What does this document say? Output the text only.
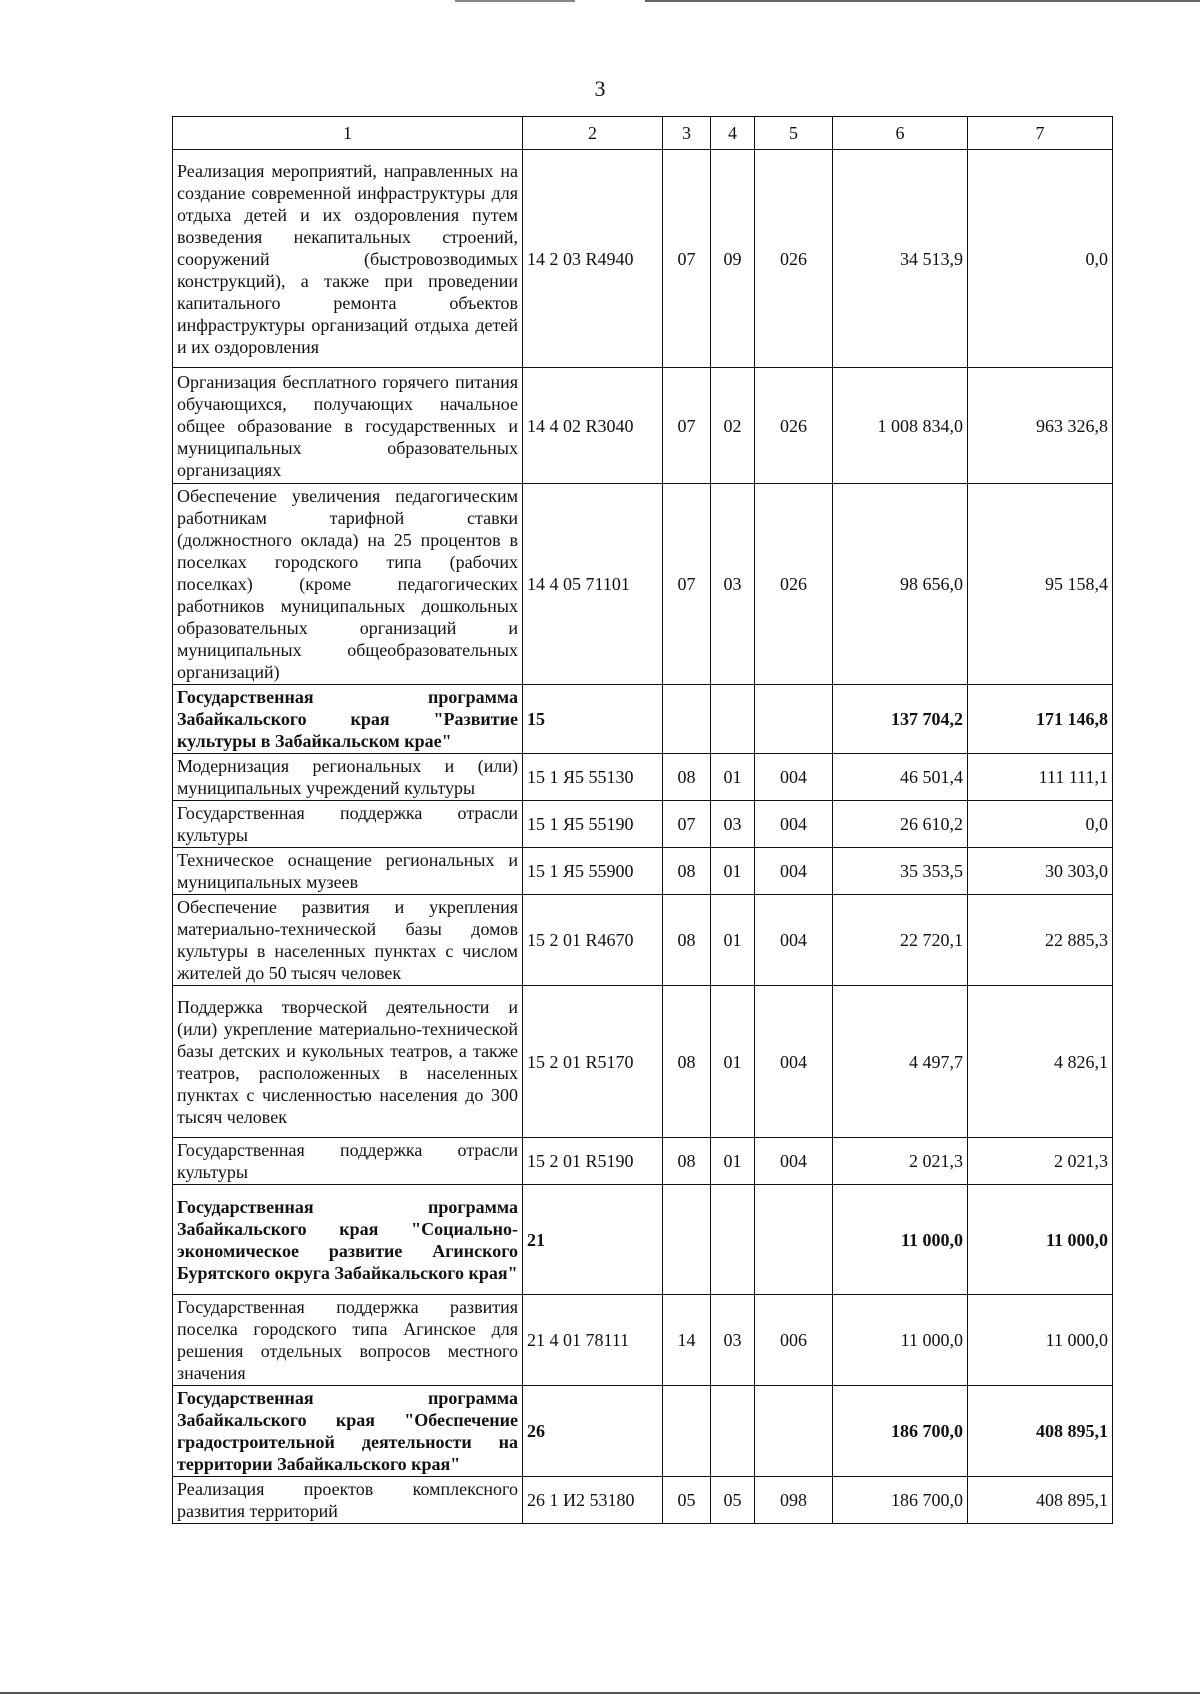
3
1	2	3	4	5	6	7
Реализация мероприятий, направленных на создание современной инфраструктуры для отдыха детей и их оздоровления путем возведения некапитальных строений, сооружений (быстровозводимых конструкций), а также при проведении капитального ремонта объектов инфраструктуры организаций отдыха детей и их оздоровления	14 2 03 R4940	07	09	026	34 513,9	0,0
Организация бесплатного горячего питания обучающихся, получающих начальное общее образование в государственных и муниципальных образовательных организациях	14 4 02 R3040	07	02	026	1 008 834,0	963 326,8
Обеспечение увеличения педагогическим работникам тарифной ставки (должностного оклада) на 25 процентов в поселках городского типа (рабочих поселках) (кроме педагогических работников муниципальных дошкольных образовательных организаций и муниципальных общеобразовательных организаций)	14 4 05 71101	07	03	026	98 656,0	95 158,4
Государственная программа Забайкальского края "Развитие культуры в Забайкальском крае"	15				137 704,2	171 146,8
Модернизация региональных и (или) муниципальных учреждений культуры	15 1 Я5 55130	08	01	004	46 501,4	111 111,1
Государственная поддержка отрасли культуры	15 1 Я5 55190	07	03	004	26 610,2	0,0
Техническое оснащение региональных и муниципальных музеев	15 1 Я5 55900	08	01	004	35 353,5	30 303,0
Обеспечение развития и укрепления материально-технической базы домов культуры в населенных пунктах с числом жителей до 50 тысяч человек	15 2 01 R4670	08	01	004	22 720,1	22 885,3
Поддержка творческой деятельности и (или) укрепление материально-технической базы детских и кукольных театров, а также театров, расположенных в населенных пунктах с численностью населения до 300 тысяч человек	15 2 01 R5170	08	01	004	4 497,7	4 826,1
Государственная поддержка отрасли культуры	15 2 01 R5190	08	01	004	2 021,3	2 021,3
Государственная программа Забайкальского края "Социально-экономическое развитие Агинского Бурятского округа Забайкальского края"	21				11 000,0	11 000,0
Государственная поддержка развития поселка городского типа Агинское для решения отдельных вопросов местного значения	21 4 01 78111	14	03	006	11 000,0	11 000,0
Государственная программа Забайкальского края "Обеспечение градостроительной деятельности на территории Забайкальского края"	26				186 700,0	408 895,1
Реализация проектов комплексного развития территорий	26 1 И2 53180	05	05	098	186 700,0	408 895,1
